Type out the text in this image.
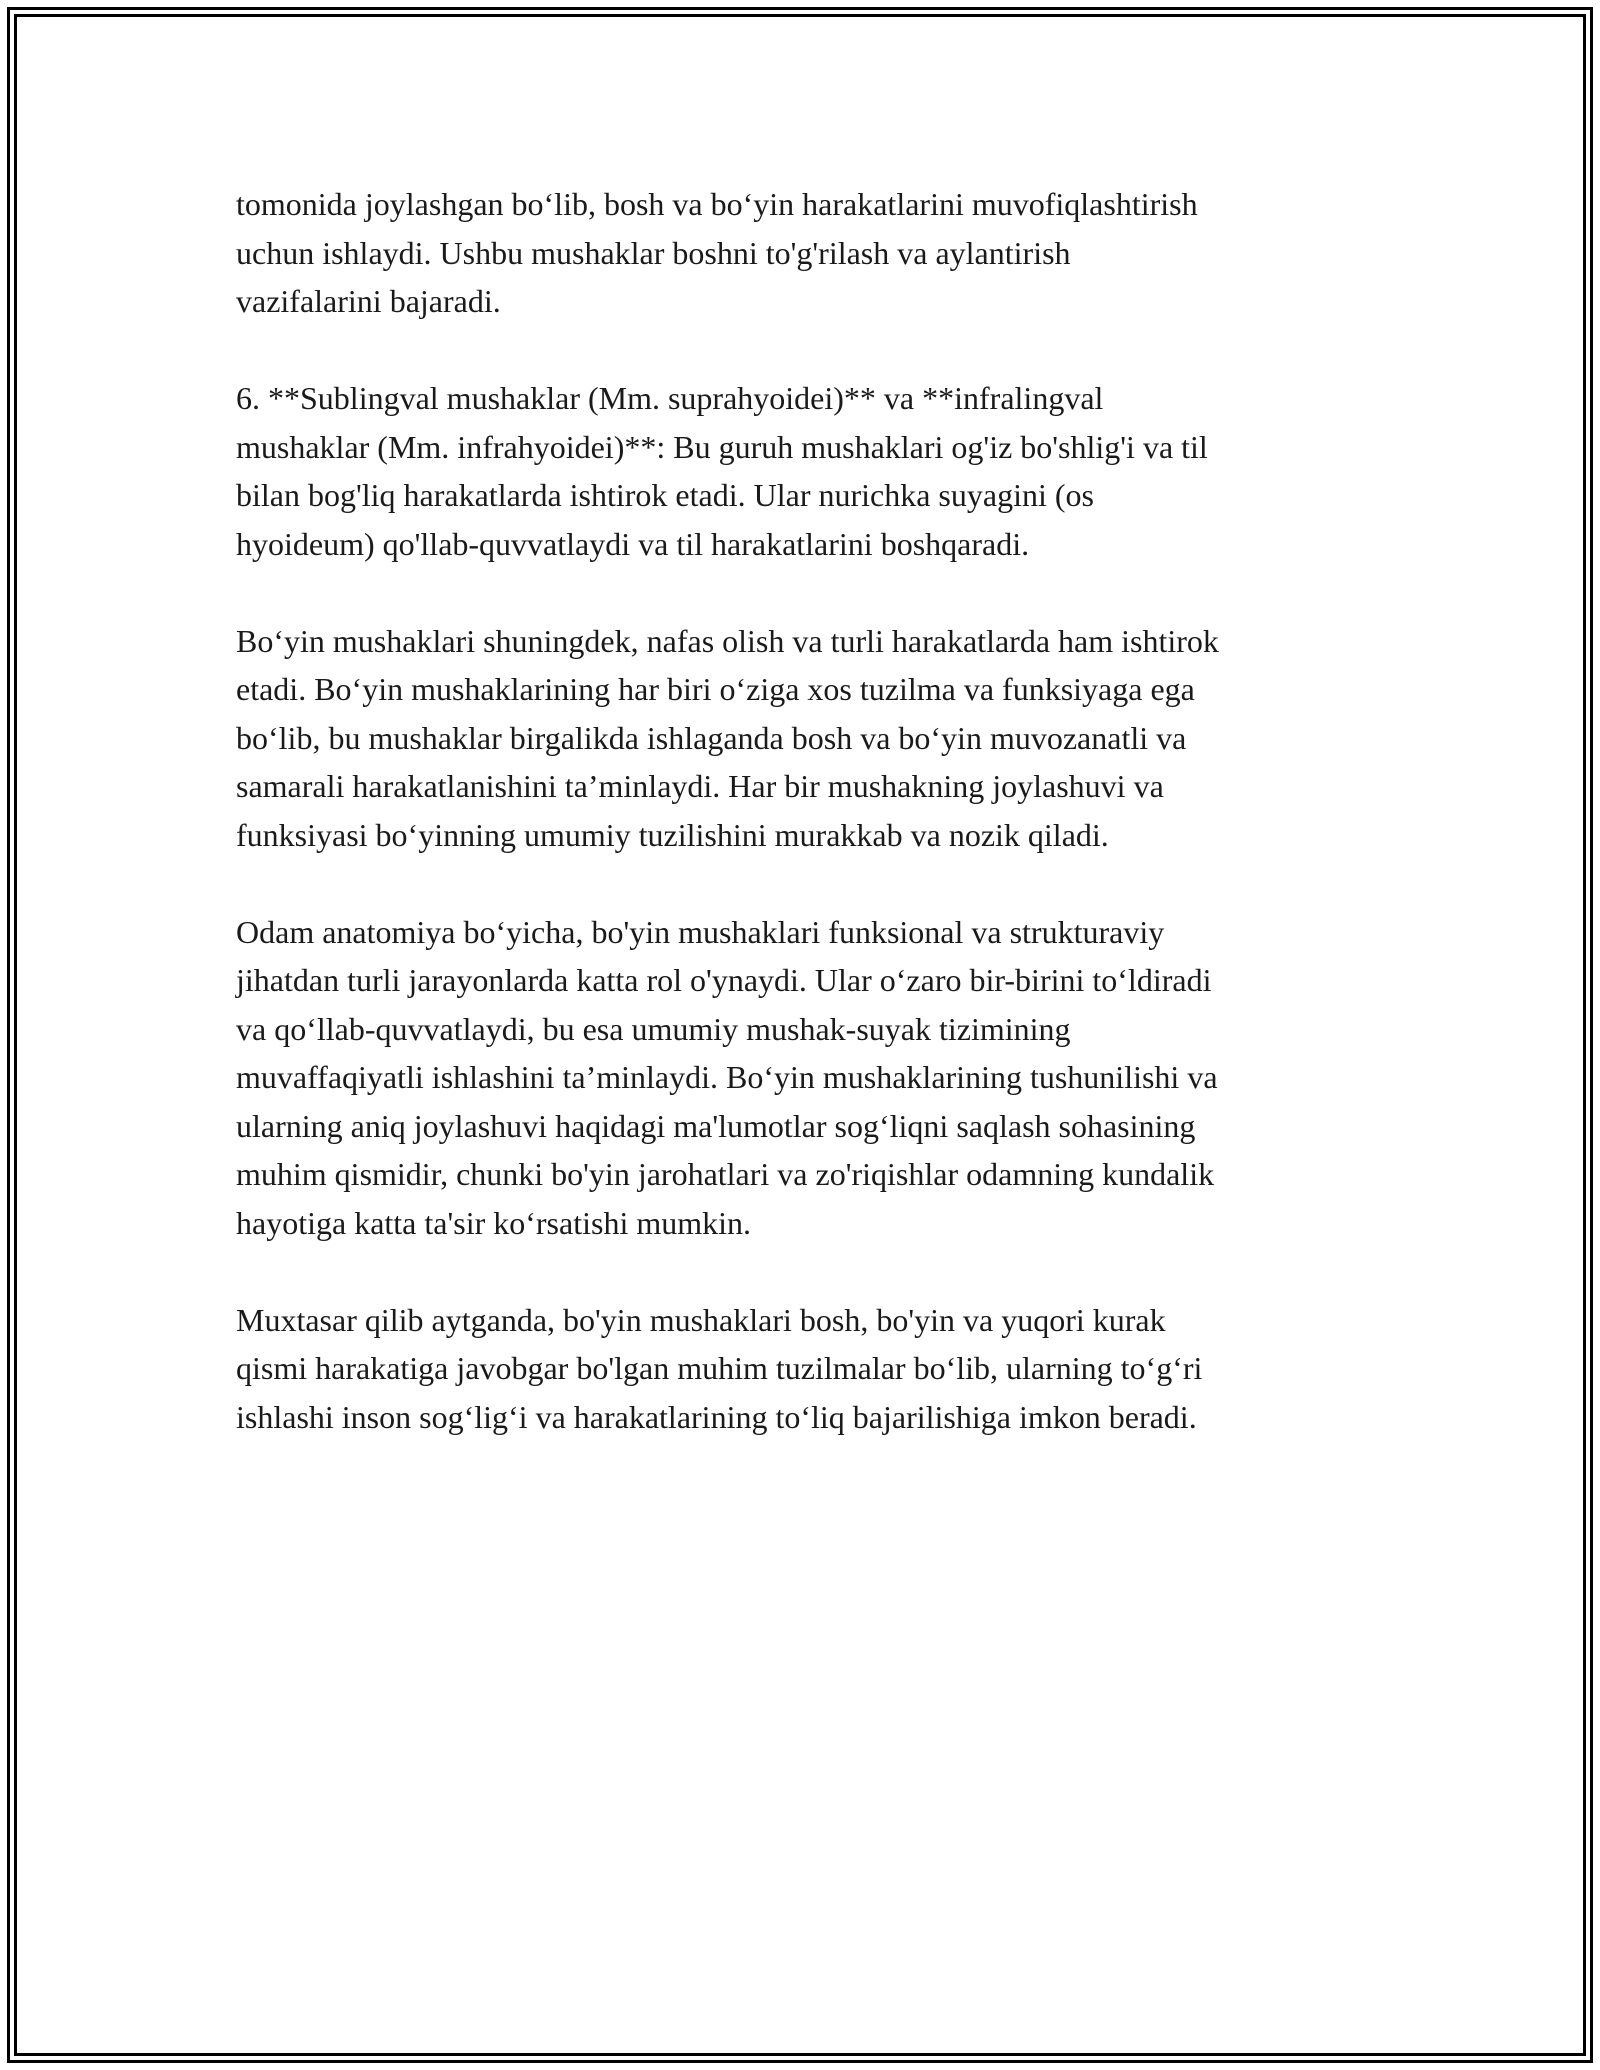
tomonida joylashgan bo‘lib, bosh va bo‘yin harakatlarini muvofiqlashtirish
uchun ishlaydi. Ushbu mushaklar boshni to'g'rilash va aylantirish
vazifalarini bajaradi.

6. **Sublingval mushaklar (Mm. suprahyoidei)** va **infralingval
mushaklar (Mm. infrahyoidei)**: Bu guruh mushaklari og'iz bo'shlig'i va til
bilan bog'liq harakatlarda ishtirok etadi. Ular nurichka suyagini (os
hyoideum) qo'llab-quvvatlaydi va til harakatlarini boshqaradi.

Bo‘yin mushaklari shuningdek, nafas olish va turli harakatlarda ham ishtirok
etadi. Bo‘yin mushaklarining har biri o‘ziga xos tuzilma va funksiyaga ega
bo‘lib, bu mushaklar birgalikda ishlaganda bosh va bo‘yin muvozanatli va
samarali harakatlanishini ta’minlaydi. Har bir mushakning joylashuvi va
funksiyasi bo‘yinning umumiy tuzilishini murakkab va nozik qiladi.

Odam anatomiya bo‘yicha, bo'yin mushaklari funksional va strukturaviy
jihatdan turli jarayonlarda katta rol o'ynaydi. Ular o‘zaro bir-birini to‘ldiradi
va qo‘llab-quvvatlaydi, bu esa umumiy mushak-suyak tizimining
muvaffaqiyatli ishlashini ta’minlaydi. Bo‘yin mushaklarining tushunilishi va
ularning aniq joylashuvi haqidagi ma'lumotlar sog‘liqni saqlash sohasining
muhim qismidir, chunki bo'yin jarohatlari va zo'riqishlar odamning kundalik
hayotiga katta ta'sir ko‘rsatishi mumkin.

Muxtasar qilib aytganda, bo'yin mushaklari bosh, bo'yin va yuqori kurak
qismi harakatiga javobgar bo'lgan muhim tuzilmalar bo‘lib, ularning to‘g‘ri
ishlashi inson sog‘lig‘i va harakatlarining to‘liq bajarilishiga imkon beradi.
